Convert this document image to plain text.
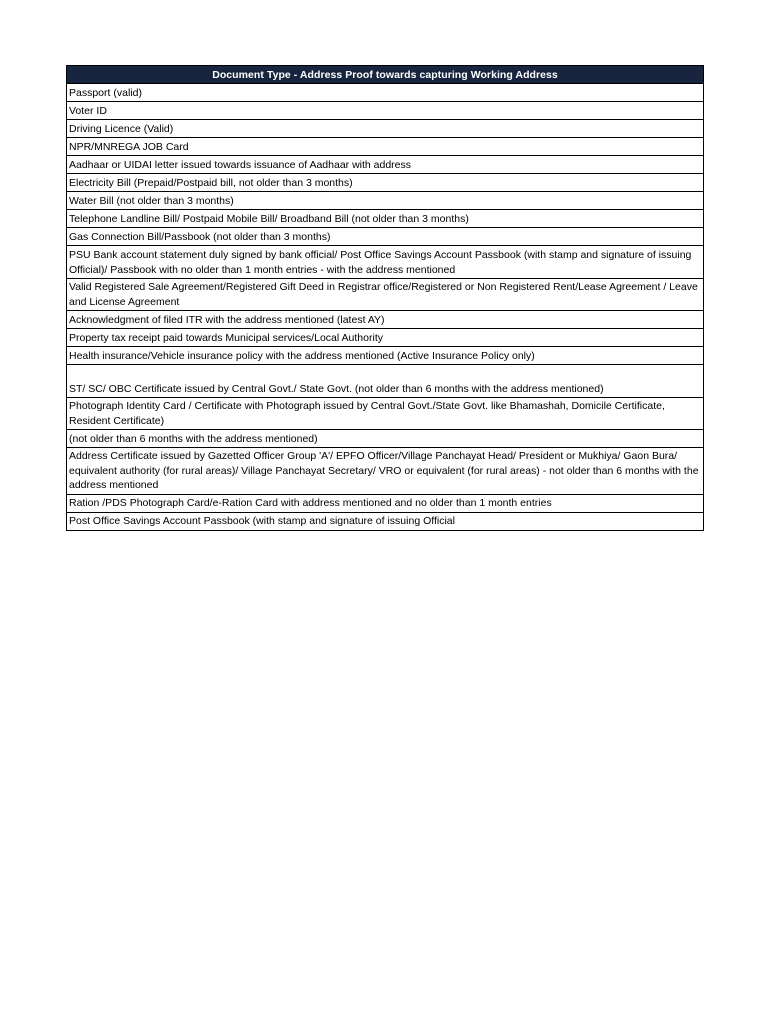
Document Type - Address Proof towards capturing Working Address
Passport (valid)
Voter ID
Driving Licence (Valid)
NPR/MNREGA JOB Card
Aadhaar or UIDAI letter issued towards issuance of Aadhaar with address
Electricity Bill (Prepaid/Postpaid bill, not older than 3 months)
Water Bill (not older than 3 months)
Telephone Landline Bill/ Postpaid Mobile Bill/ Broadband Bill (not older than 3 months)
Gas Connection Bill/Passbook (not older than 3 months)
PSU Bank account statement duly signed by bank official/ Post Office Savings Account Passbook (with stamp and signature of issuing Official)/ Passbook with no older than 1 month entries - with the address mentioned
Valid Registered Sale Agreement/Registered Gift Deed in Registrar office/Registered or Non Registered Rent/Lease Agreement / Leave and License Agreement
Acknowledgment of filed ITR with the address mentioned (latest AY)
Property tax receipt paid towards Municipal services/Local Authority
Health insurance/Vehicle insurance policy with the address mentioned (Active Insurance Policy only)
ST/ SC/ OBC Certificate issued by Central Govt./ State Govt. (not older than 6 months with the address mentioned)
Photograph Identity Card / Certificate with Photograph issued by Central Govt./State Govt. like Bhamashah, Domicile Certificate, Resident Certificate)
(not older than 6 months with the address mentioned)
Address Certificate issued by Gazetted Officer Group 'A'/ EPFO Officer/Village Panchayat Head/ President or Mukhiya/ Gaon Bura/ equivalent authority (for rural areas)/ Village Panchayat Secretary/ VRO or equivalent (for rural areas) - not older than 6 months with the address mentioned
Ration /PDS Photograph Card/e-Ration Card with address mentioned and no older than 1 month entries
Post Office Savings Account Passbook (with stamp and signature of issuing Official
